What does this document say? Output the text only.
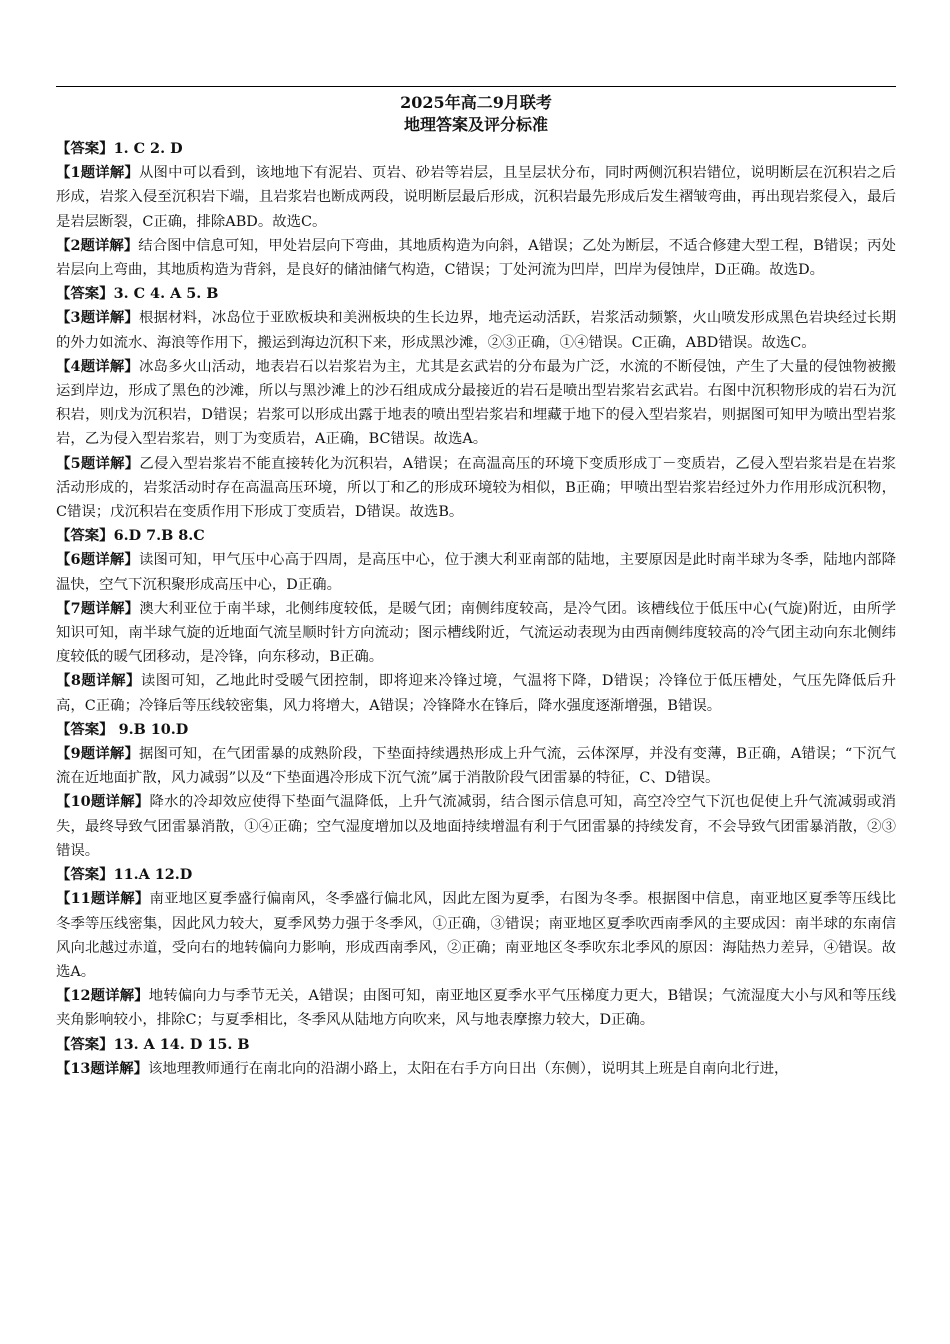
2025年高二9月联考
地理答案及评分标准

【答案】1. C 2. D

【1题详解】从图中可以看到，该地地下有泥岩、页岩、砂岩等岩层，且呈层状分布，同时两侧沉积岩错位，说明断层在沉积岩之后形成，岩浆入侵至沉积岩下端，且岩浆岩也断成两段，说明断层最后形成，沉积岩最先形成后发生褶皱弯曲，再出现岩浆侵入，最后是岩层断裂，C正确，排除ABD。故选C。

【2题详解】结合图中信息可知，甲处岩层向下弯曲，其地质构造为向斜，A错误；乙处为断层，不适合修建大型工程，B错误；丙处岩层向上弯曲，其地质构造为背斜，是良好的储油储气构造，C错误；丁处河流为凹岸，凹岸为侵蚀岸，D正确。故选D。

【答案】3. C 4. A 5. B

【3题详解】根据材料，冰岛位于亚欧板块和美洲板块的生长边界，地壳运动活跃，岩浆活动频繁，火山喷发形成黑色岩块经过长期的外力如流水、海浪等作用下，搬运到海边沉积下来，形成黑沙滩，②③正确，①④错误。C正确，ABD错误。故选C。

【4题详解】冰岛多火山活动，地表岩石以岩浆岩为主，尤其是玄武岩的分布最为广泛，水流的不断侵蚀，产生了大量的侵蚀物被搬运到岸边，形成了黑色的沙滩，所以与黑沙滩上的沙石组成成分最接近的岩石是喷出型岩浆岩玄武岩。右图中沉积物形成的岩石为沉积岩，则戊为沉积岩，D错误；岩浆可以形成出露于地表的喷出型岩浆岩和埋藏于地下的侵入型岩浆岩，则据图可知甲为喷出型岩浆岩，乙为侵入型岩浆岩，则丁为变质岩，A正确，BC错误。故选A。

【5题详解】乙侵入型岩浆岩不能直接转化为沉积岩，A错误；在高温高压的环境下变质形成丁－变质岩，乙侵入型岩浆岩是在岩浆活动形成的，岩浆活动时存在高温高压环境，所以丁和乙的形成环境较为相似，B正确；甲喷出型岩浆岩经过外力作用形成沉积物，C错误；戊沉积岩在变质作用下形成丁变质岩，D错误。故选B。

【答案】6.D 7.B 8.C

【6题详解】读图可知，甲气压中心高于四周，是高压中心，位于澳大利亚南部的陆地，主要原因是此时南半球为冬季，陆地内部降温快，空气下沉积聚形成高压中心，D正确。

【7题详解】澳大利亚位于南半球，北侧纬度较低，是暖气团；南侧纬度较高，是冷气团。该槽线位于低压中心(气旋)附近，由所学知识可知，南半球气旋的近地面气流呈顺时针方向流动；图示槽线附近，气流运动表现为由西南侧纬度较高的冷气团主动向东北侧纬度较低的暖气团移动，是冷锋，向东移动，B正确。

【8题详解】读图可知，乙地此时受暖气团控制，即将迎来冷锋过境，气温将下降，D错误；冷锋位于低压槽处，气压先降低后升高，C正确；冷锋后等压线较密集，风力将增大，A错误；冷锋降水在锋后，降水强度逐渐增强，B错误。

【答案】 9.B 10.D

【9题详解】据图可知，在气团雷暴的成熟阶段，下垫面持续遇热形成上升气流，云体深厚，并没有变薄，B正确，A错误；“下沉气流在近地面扩散，风力减弱”以及“下垫面遇冷形成下沉气流”属于消散阶段气团雷暴的特征，C、D错误。

【10题详解】降水的冷却效应使得下垫面气温降低，上升气流减弱，结合图示信息可知，高空冷空气下沉也促使上升气流减弱或消失，最终导致气团雷暴消散，①④正确；空气湿度增加以及地面持续增温有利于气团雷暴的持续发育，不会导致气团雷暴消散，②③错误。

【答案】11.A 12.D

【11题详解】南亚地区夏季盛行偏南风，冬季盛行偏北风，因此左图为夏季，右图为冬季。根据图中信息，南亚地区夏季等压线比冬季等压线密集，因此风力较大，夏季风势力强于冬季风，①正确，③错误；南亚地区夏季吹西南季风的主要成因：南半球的东南信风向北越过赤道，受向右的地转偏向力影响，形成西南季风，②正确；南亚地区冬季吹东北季风的原因：海陆热力差异，④错误。故选A。

【12题详解】地转偏向力与季节无关，A错误；由图可知，南亚地区夏季水平气压梯度力更大，B错误；气流湿度大小与风和等压线夹角影响较小，排除C；与夏季相比，冬季风从陆地方向吹来，风与地表摩擦力较大，D正确。

【答案】13. A 14. D 15. B

【13题详解】该地理教师通行在南北向的沿湖小路上，太阳在右手方向日出（东侧），说明其上班是自南向北行进，
